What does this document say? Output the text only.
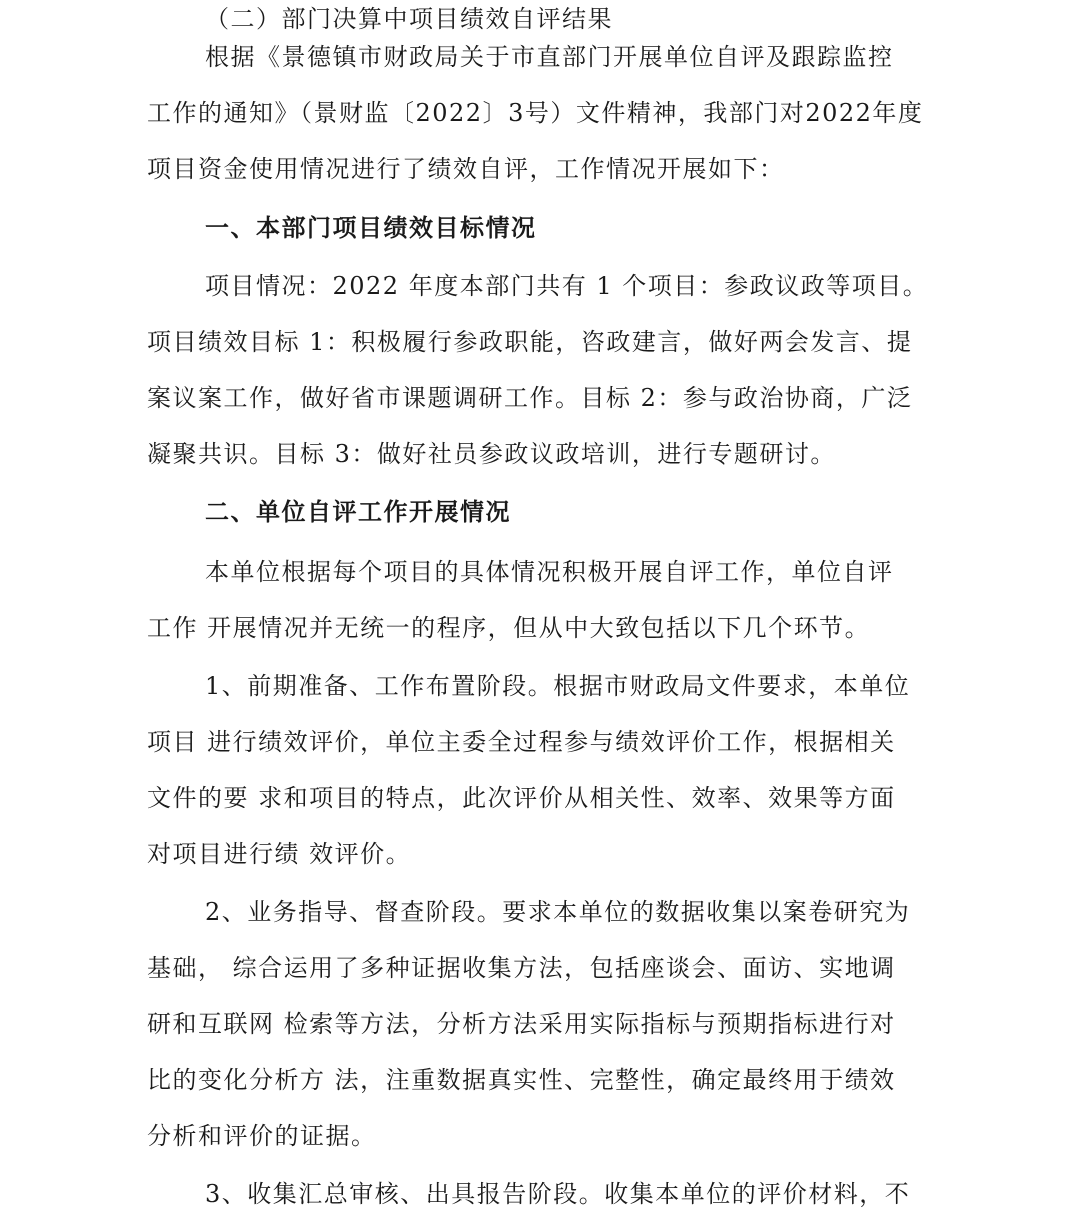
（二）部门决算中项目绩效自评结果
根据《景德镇市财政局关于市直部门开展单位自评及跟踪监控
工作的通知》（景财监〔2022〕3号）文件精神，我部门对2022年度
项目资金使用情况进行了绩效自评，工作情况开展如下：
一、本部门项目绩效目标情况
项目情况：2022 年度本部门共有 1 个项目：参政议政等项目。
项目绩效目标 1：积极履行参政职能，咨政建言，做好两会发言、提
案议案工作，做好省市课题调研工作。目标 2：参与政治协商，广泛
凝聚共识。目标 3：做好社员参政议政培训，进行专题研讨。
二、单位自评工作开展情况
本单位根据每个项目的具体情况积极开展自评工作，单位自评
工作 开展情况并无统一的程序，但从中大致包括以下几个环节。
1、前期准备、工作布置阶段。根据市财政局文件要求，本单位
项目 进行绩效评价，单位主委全过程参与绩效评价工作，根据相关
文件的要 求和项目的特点，此次评价从相关性、效率、效果等方面
对项目进行绩 效评价。
2、业务指导、督查阶段。要求本单位的数据收集以案卷研究为
基础， 综合运用了多种证据收集方法，包括座谈会、面访、实地调
研和互联网 检索等方法，分析方法采用实际指标与预期指标进行对
比的变化分析方 法，注重数据真实性、完整性，确定最终用于绩效
分析和评价的证据。
3、收集汇总审核、出具报告阶段。收集本单位的评价材料，不
